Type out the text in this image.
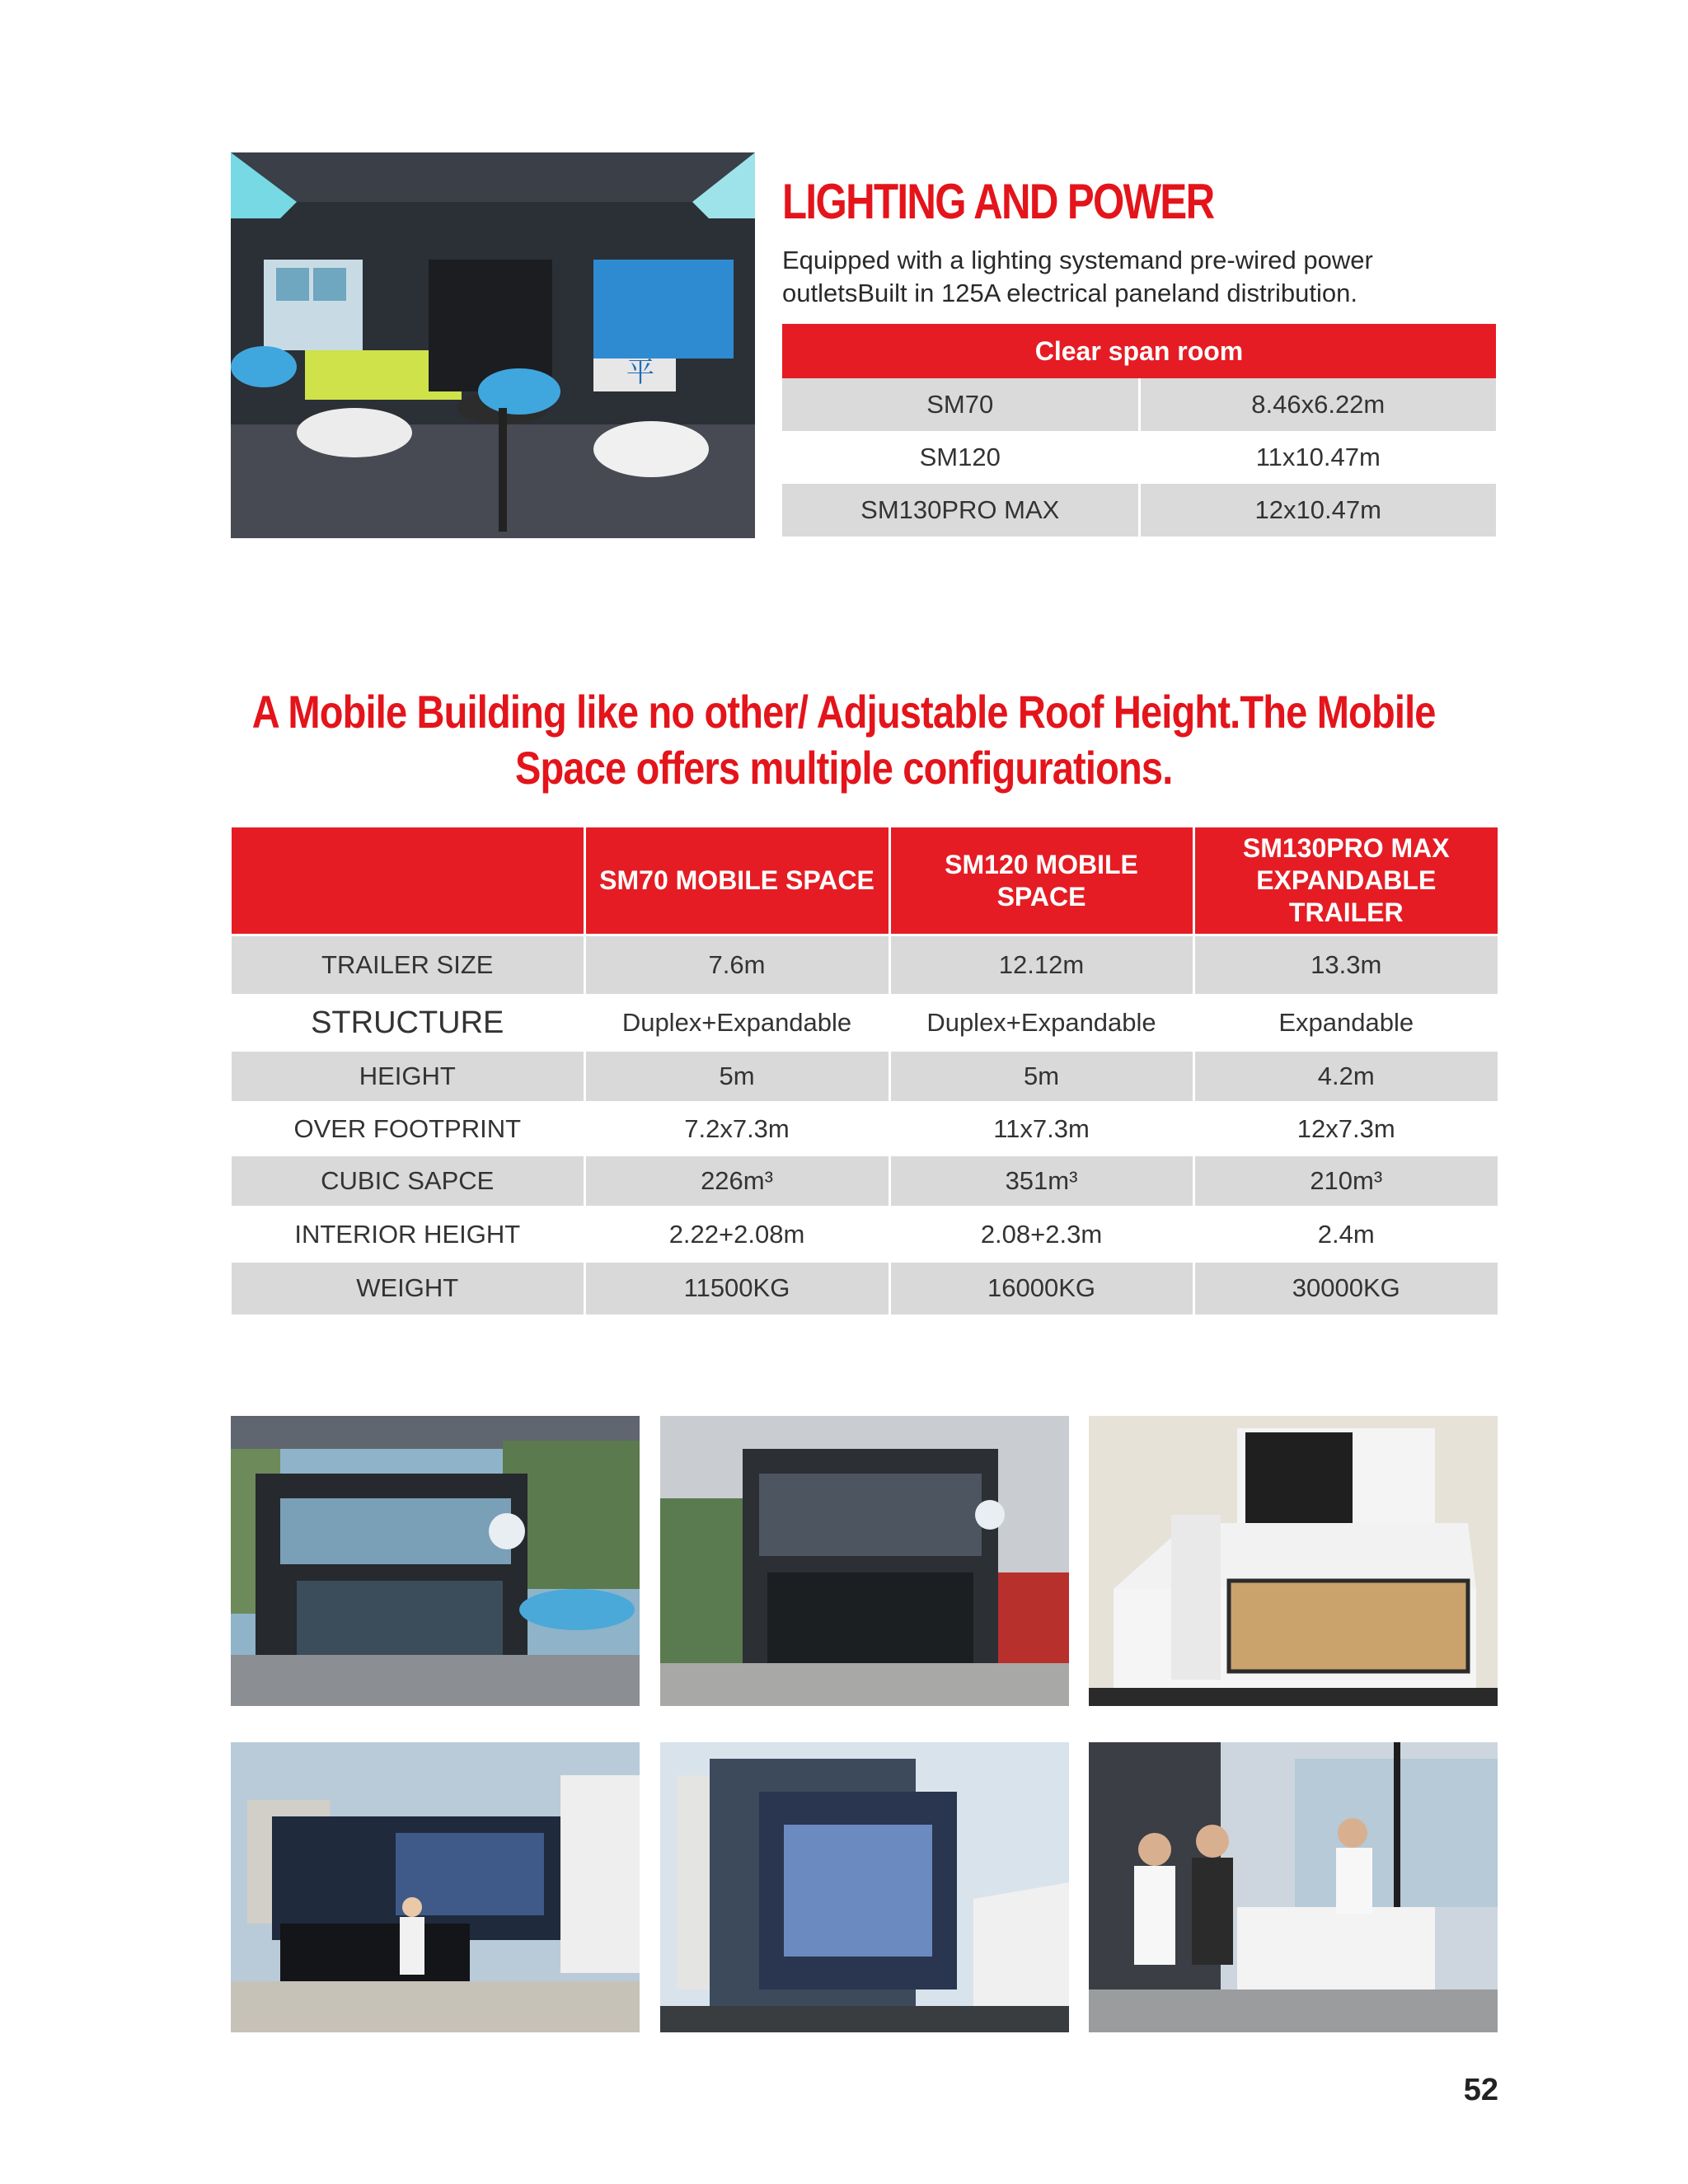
平
LIGHTING AND POWER
Equipped with a lighting systemand pre-wired power
outletsBuilt in 125A electrical paneland distribution.
Clear span room	
SM70	8.46x6.22m
SM120	11x10.47m
SM130PRO MAX	12x10.47m
A Mobile Building like no other/ Adjustable Roof Height.The Mobile
Space offers multiple configurations.
	SM70 MOBILE SPACE	SM120 MOBILE SPACE	SM130PRO MAX EXPANDABLE TRAILER
TRAILER SIZE	7.6m	12.12m	13.3m
STRUCTURE	Duplex+Expandable	Duplex+Expandable	Expandable
HEIGHT	5m	5m	4.2m
OVER FOOTPRINT	7.2x7.3m	11x7.3m	12x7.3m
CUBIC SAPCE	226m³	351m³	210m³
INTERIOR HEIGHT	2.22+2.08m	2.08+2.3m	2.4m
WEIGHT	11500KG	16000KG	30000KG
52
